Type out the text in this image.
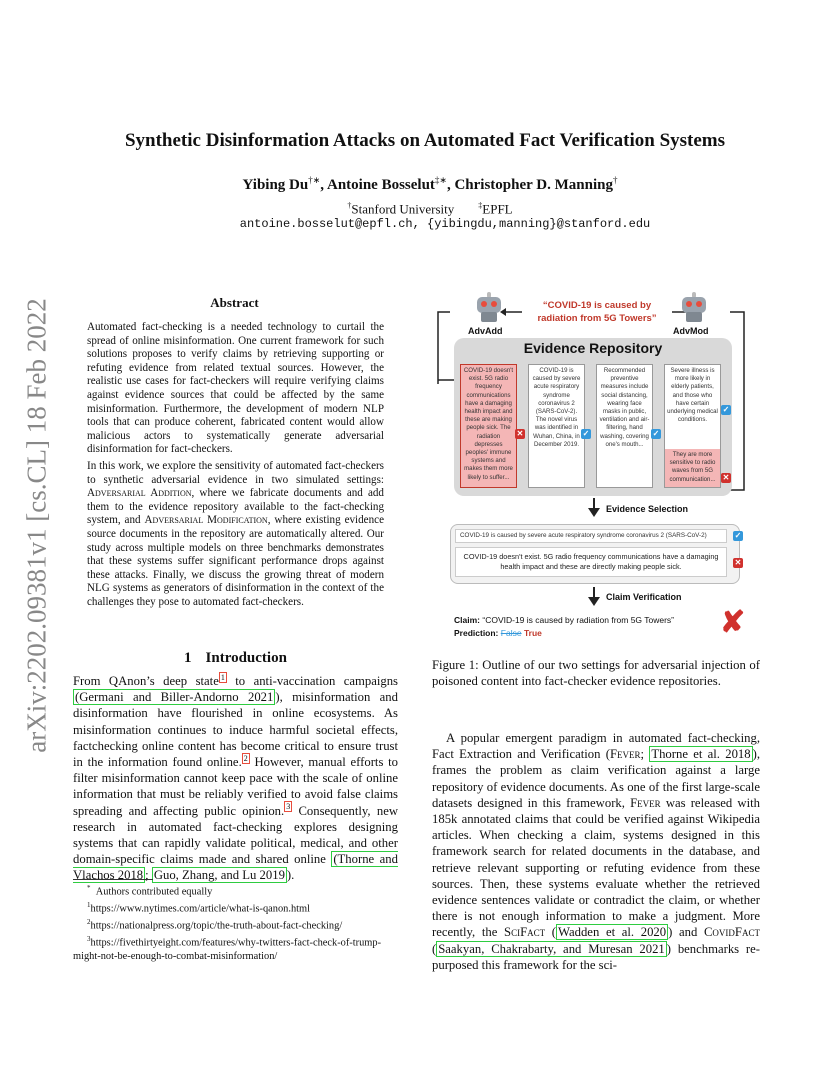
arXiv:2202.09381v1 [cs.CL] 18 Feb 2022
Synthetic Disinformation Attacks on Automated Fact Verification Systems
Yibing Du†∗, Antoine Bosselut‡∗, Christopher D. Manning†
†Stanford University	‡EPFL
antoine.bosselut@epfl.ch, {yibingdu,manning}@stanford.edu
Abstract

Automated fact-checking is a needed technology to curtail the spread of online misinformation. One current framework for such solutions proposes to verify claims by retrieving supporting or refuting evidence from related textual sources. However, the realistic use cases for fact-checkers will require verifying claims against evidence sources that could be affected by the same misinformation. Furthermore, the development of modern NLP tools that can produce coherent, fabricated content would allow malicious actors to systematically generate adversarial disinformation for fact-checkers.

In this work, we explore the sensitivity of automated fact-checkers to synthetic adversarial evidence in two simulated settings: Adversarial Addition, where we fabricate documents and add them to the evidence repository available to the fact-checking system, and Adversarial Modification, where existing evidence source documents in the repository are automatically altered. Our study across multiple models on three benchmarks demonstrates that these systems suffer significant performance drops against these attacks. Finally, we discuss the growing threat of modern NLG systems as generators of disinformation in the context of the challenges they pose to automated fact-checkers.

1 Introduction

From QAnon’s deep state $^1$ to anti-vaccination campaigns (Germani and Biller-Andorno 2021 ), misinformation and disinformation have flourished in online ecosystems. As misinformation continues to induce harmful societal effects, factchecking online content has become critical to ensure trust in the information found online. $^2$ However, manual efforts to filter misinformation cannot keep pace with the scale of online information that must be reliably verified to avoid false claims spreading and affecting public opinion. $^3$ Consequently, new research in automated fact-checking explores designing systems that can rapidly validate political, medical, and other domain-specific claims made and shared online (Thorne and Vlachos 2018 ; Guo, Zhang, and Lu 2019 ).

* Authors contributed equally

$^1$https://www.nytimes.com/article/what-is-qanon.html

$^2$https://nationalpress.org/topic/the-truth-about-fact-checking/

$^3$https://fivethirtyeight.com/features/why-twitters-fact-check-of-trump-might-not-be-enough-to-combat-misinformation/

AdvAdd	AdvMod
“COVID-19 is caused by radiation from 5G Towers”
Evidence Repository
COVID-19 doesn't exist. 5G radio frequency communications have a damaging health impact and these are making people sick. The radiation depresses peoples' immune systems and makes them more likely to suffer...
✕
COVID-19 is caused by severe acute respiratory syndrome coronavirus 2 (SARS-CoV-2). The novel virus was identified in Wuhan, China, in December 2019.
✓
Recommended preventive measures include social distancing, wearing face masks in public, ventilation and air-filtering, hand washing, covering one's mouth...
✓
Severe illness is more likely in elderly patients, and those who have certain underlying medical conditions.
They are more sensitive to radio waves from 5G communication...
✓
✕
Evidence Selection
COVID-19 is caused by severe acute respiratory syndrome coronavirus 2 (SARS-CoV-2)	✓
COVID-19 doesn't exist. 5G radio frequency communications have a damaging health impact and these are directly making people sick.	✕
Claim Verification
Claim: “COVID-19 is caused by radiation from 5G Towers”
Prediction: False True	✘

Figure 1: Outline of our two settings for adversarial injection of poisoned content into fact-checker evidence repositories.

A popular emergent paradigm in automated fact-checking, Fact Extraction and Verification (Fever; Thorne et al. 2018 ), frames the problem as claim verification against a large repository of evidence documents. As one of the first large-scale datasets designed in this framework, Fever was released with 185k annotated claims that could be verified against Wikipedia articles. When checking a claim, systems designed in this framework search for related documents in the database, and retrieve relevant supporting or refuting evidence from these sources. Then, these systems evaluate whether the retrieved evidence sentences validate or contradict the claim, or whether there is not enough information to make a judgment. More recently, the SciFact ( Wadden et al. 2020 ) and CovidFact ( Saakyan, Chakrabarty, and Muresan 2021 ) benchmarks re-purposed this framework for the sci-
